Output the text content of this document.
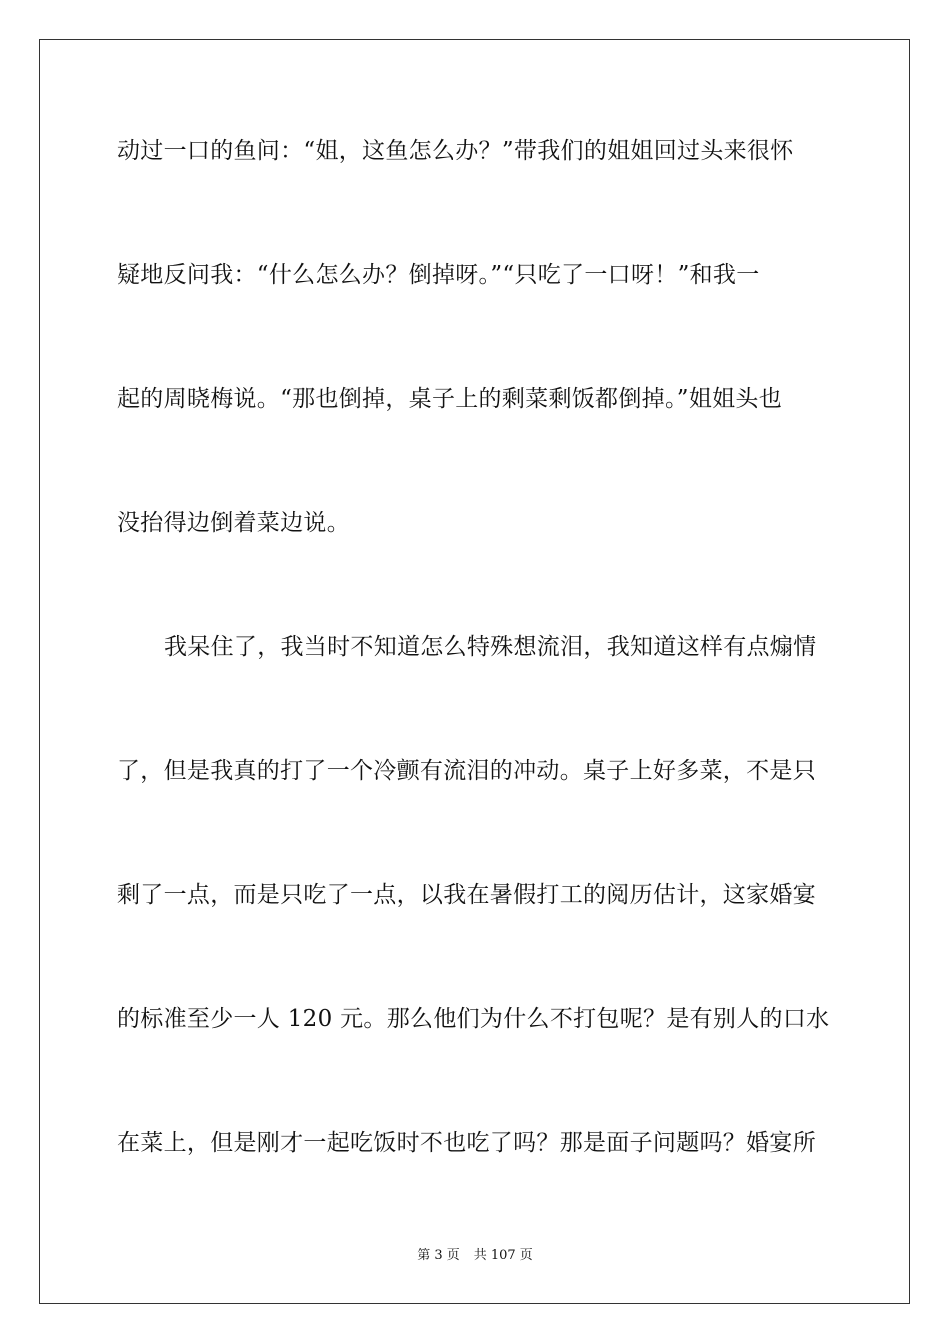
动过一口的鱼问：“姐，这鱼怎么办？”带我们的姐姐回过头来很怀
疑地反问我：“什么怎么办？倒掉呀。”“只吃了一口呀！”和我一
起的周晓梅说。“那也倒掉，桌子上的剩菜剩饭都倒掉。”姐姐头也
没抬得边倒着菜边说。
我呆住了，我当时不知道怎么特殊想流泪，我知道这样有点煽情
了，但是我真的打了一个冷颤有流泪的冲动。桌子上好多菜，不是只
剩了一点，而是只吃了一点，以我在暑假打工的阅历估计，这家婚宴
的标准至少一人 120 元。那么他们为什么不打包呢？是有别人的口水
在菜上，但是刚才一起吃饭时不也吃了吗？那是面子问题吗？婚宴所
第 3 页 共 107 页
